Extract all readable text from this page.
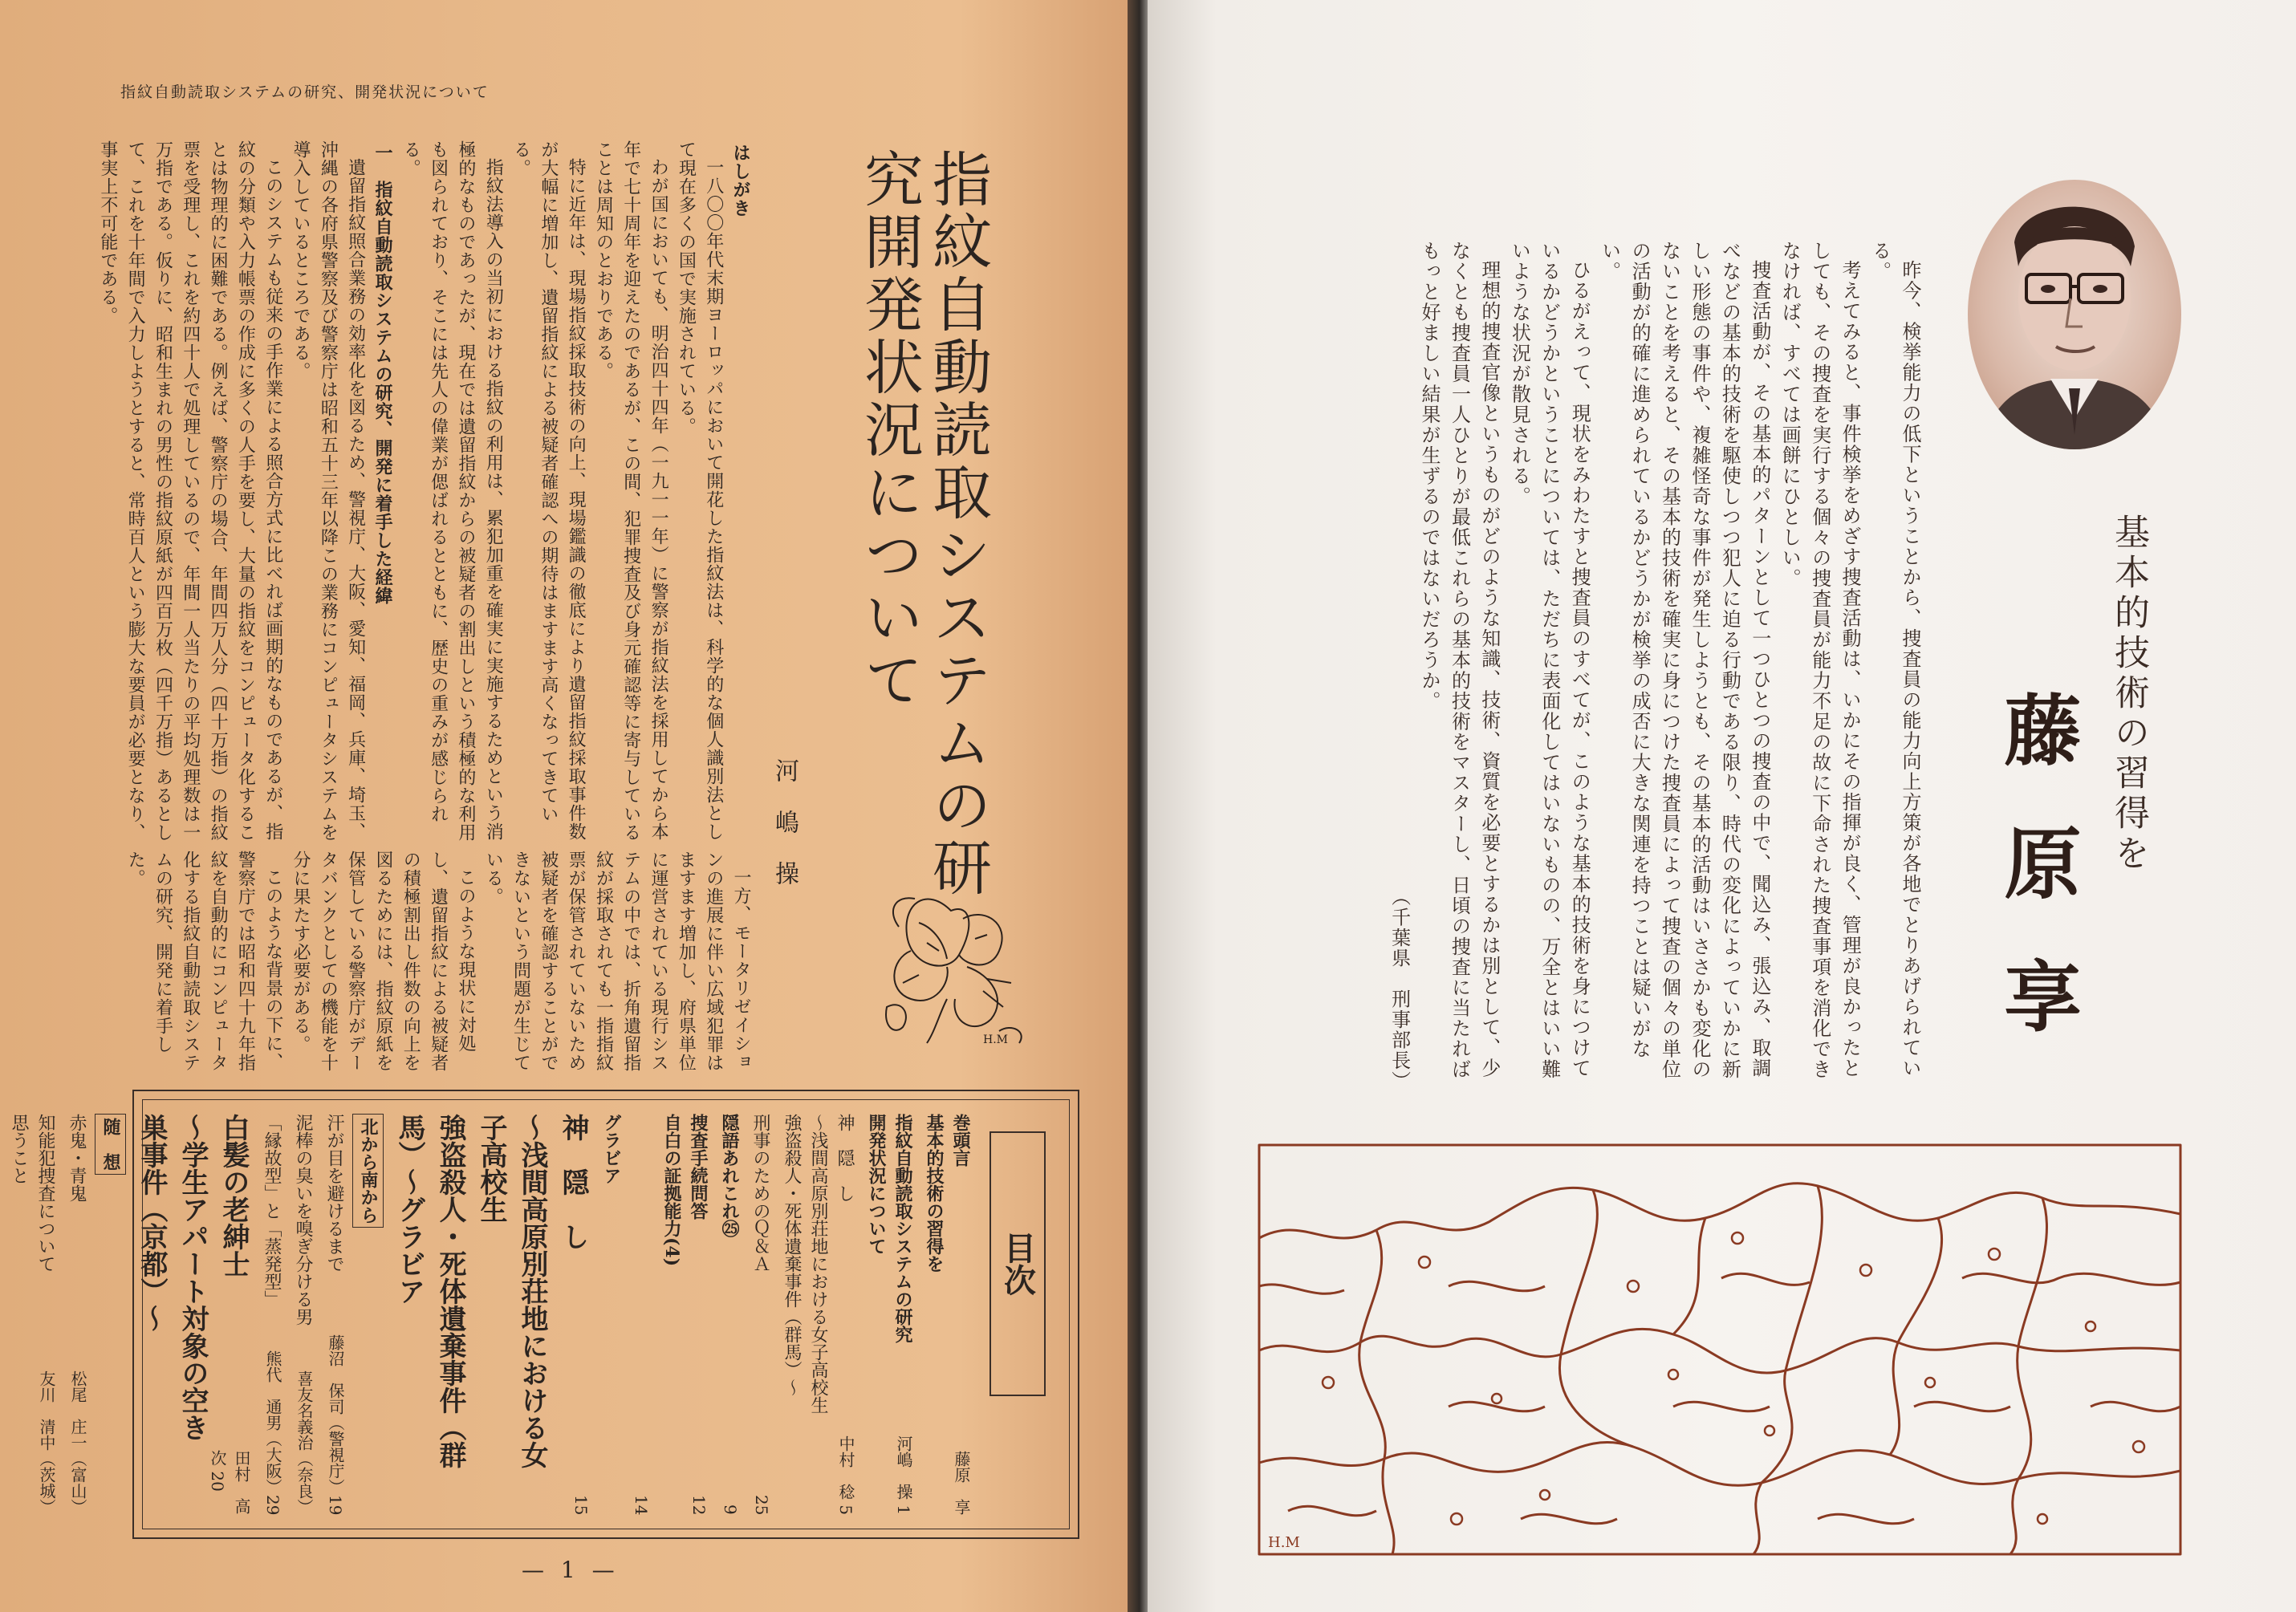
指紋自動読取システムの研究、開発状況について

はしがき

一八〇〇年代末期ヨーロッパにおいて開花した指紋法は、科学的な個人識別法として現在多くの国で実施されている。

わが国においても、明治四十四年（一九一一年）に警察が指紋法を採用してから本年で七十周年を迎えたのであるが、この間、犯罪捜査及び身元確認等に寄与していることは周知のとおりである。

特に近年は、現場指紋採取技術の向上、現場鑑識の徹底により遺留指紋採取事件数が大幅に増加し、遺留指紋による被疑者確認への期待はますます高くなってきている。

指紋法導入の当初における指紋の利用は、累犯加重を確実に実施するためという消極的なものであったが、現在では遺留指紋からの被疑者の割出しという積極的な利用も図られており、そこには先人の偉業が偲ばれるとともに、歴史の重みが感じられる。

一　指紋自動読取システムの研究、開発に着手した経緯

遺留指紋照合業務の効率化を図るため、警視庁、大阪、愛知、福岡、兵庫、埼玉、沖縄の各府県警察及び警察庁は昭和五十三年以降この業務にコンピュータシステムを導入しているところである。

このシステムも従来の手作業による照合方式に比べれば画期的なものであるが、指紋の分類や入力帳票の作成に多くの人手を要し、大量の指紋をコンピュータ化することは物理的に困難である。例えば、警察庁の場合、年間四万人分（四十万指）の指紋票を受理し、これを約四十人で処理しているので、年間一人当たりの平均処理数は一万指である。仮りに、昭和生まれの男性の指紋原紙が四百万枚（四千万指）あるとして、これを十年間で入力しようとすると、常時百人という膨大な要員が必要となり、事実上不可能である。	指紋自動読取システムの研究開発状況について
河嶋操
H.M

一方、モータリゼイションの進展に伴い広域犯罪はますます増加し、府県単位に運営されている現行システムの中では、折角遺留指紋が採取されても一指指紋票が保管されていないため被疑者を確認することができないという問題が生じている。

このような現状に対処し、遺留指紋による被疑者の積極割出し件数の向上を図るためには、指紋原紙を保管している警察庁がデータバンクとしての機能を十分に果たす必要がある。

このような背景の下に、警察庁では昭和四十九年指紋を自動的にコンピュータ化する指紋自動読取システムの研究、開発に着手した。

目次
巻頭言
基本的技術の習得を
藤原　享
指紋自動読取システムの研究
開発状況について
河嶋　操 1
神　隠　し
〜浅間高原別荘地における女子高校生
強盗殺人・死体遺棄事件（群馬）〜
中村　稔 5
刑事のためのＱ＆Ａ
25
隠語あれこれ㉕
9
捜査手続問答
自白の証拠能力(4)
12
14
グラビア
神　隠　し
〜浅間高原別荘地における女子高校生
強盗殺人・死体遺棄事件（群馬）〜グラビア
15
北から南から
汗が目を避けるまで
藤沼　保司（警視庁）19
泥棒の臭いを嗅ぎ分ける男
喜友名義治（奈良）
「縁故型」と「蒸発型」
熊代　通男（大阪）29
白髪の老紳士
〜学生アパート対象の空き巣事件（京都）〜
田村　高次 20
随　想
赤鬼・青鬼
松尾　庄一（富山）
知能犯捜査について
思うこと
友川　清中（茨城）
— 1 —
基本的技術の習得を
藤原享

昨今、検挙能力の低下ということから、捜査員の能力向上方策が各地でとりあげられている。

考えてみると、事件検挙をめざす捜査活動は、いかにその指揮が良く、管理が良かったとしても、その捜査を実行する個々の捜査員が能力不足の故に下命された捜査事項を消化できなければ、すべては画餅にひとしい。

捜査活動が、その基本的パターンとして一つひとつの捜査の中で、聞込み、張込み、取調べなどの基本的技術を駆使しつつ犯人に迫る行動である限り、時代の変化によっていかに新しい形態の事件や、複雑怪奇な事件が発生しようとも、その基本的活動はいささかも変化のないことを考えると、その基本的技術を確実に身につけた捜査員によって捜査の個々の単位の活動が的確に進められているかどうかが検挙の成否に大きな関連を持つことは疑いがない。

ひるがえって、現状をみわたすと捜査員のすべてが、このような基本的技術を身につけているかどうかということについては、ただちに表面化してはいないものの、万全とはいい難いような状況が散見される。

理想的捜査官像というものがどのような知識、技術、資質を必要とするかは別として、少なくとも捜査員一人ひとりが最低これらの基本的技術をマスターし、日頃の捜査に当たればもっと好ましい結果が生ずるのではないだろうか。

（千葉県　刑事部長）

H.M
